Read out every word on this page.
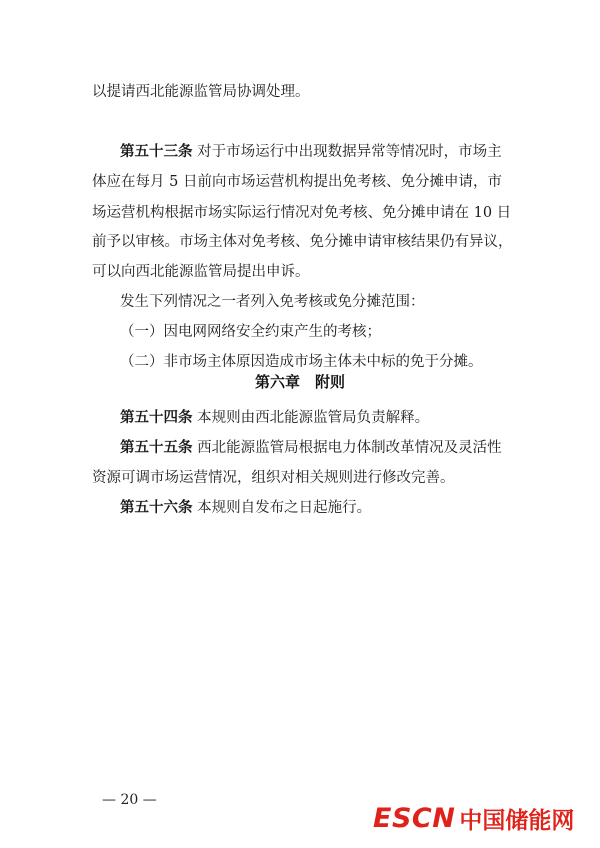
以提请西北能源监管局协调处理。
第五十三条 对于市场运行中出现数据异常等情况时，市场主
体应在每月 5 日前向市场运营机构提出免考核、免分摊申请，市
场运营机构根据市场实际运行情况对免考核、免分摊申请在 10 日
前予以审核。市场主体对免考核、免分摊申请审核结果仍有异议，
可以向西北能源监管局提出申诉。
发生下列情况之一者列入免考核或免分摊范围：
（一）因电网网络安全约束产生的考核；
（二）非市场主体原因造成市场主体未中标的免于分摊。
第六章　附则
第五十四条 本规则由西北能源监管局负责解释。
第五十五条 西北能源监管局根据电力体制改革情况及灵活性
资源可调市场运营情况，组织对相关规则进行修改完善。
第五十六条 本规则自发布之日起施行。
— 20 —
ESCN 中国储能网
